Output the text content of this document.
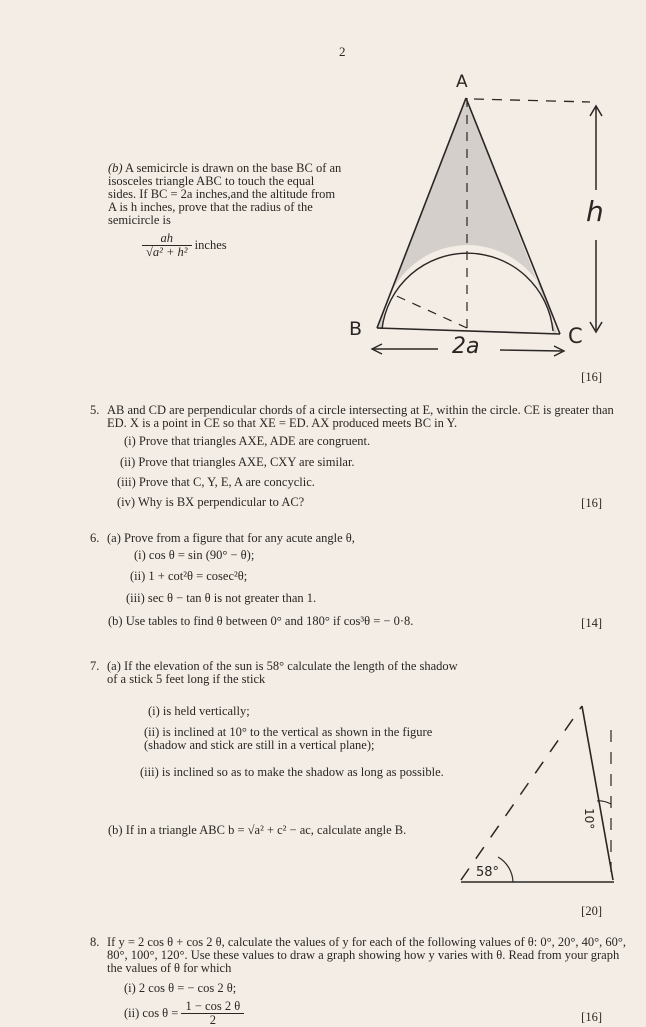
2
(b) A semicircle is drawn on the base BC of an isosceles triangle ABC to touch the equal sides. If BC = 2a inches,and the altitude from A is h inches, prove that the radius of the semicircle is
$\frac{ah}{\text{√a² + h²}}$ inches
A
B	C
h
2a
[16]
5. AB and CD are perpendicular chords of a circle intersecting at E, within the circle. CE is greater than ED. X is a point in CE so that XE = ED. AX produced meets BC in Y.
(i) Prove that triangles AXE, ADE are congruent.
(ii) Prove that triangles AXE, CXY are similar.
(iii) Prove that C, Y, E, A are concyclic.
(iv) Why is BX perpendicular to AC?	[16]
6. (a) Prove from a figure that for any acute angle θ,
(i) cos θ = sin (90° − θ);
(ii) 1 + cot²θ = cosec²θ;
(iii) sec θ − tan θ is not greater than 1.
(b) Use tables to find θ between 0° and 180° if cos³θ = − 0·8.	[14]
7. (a) If the elevation of the sun is 58° calculate the length of the shadow of a stick 5 feet long if the stick
(i) is held vertically;
(ii) is inclined at 10° to the vertical as shown in the figure (shadow and stick are still in a vertical plane);
(iii) is inclined so as to make the shadow as long as possible.
(b) If in a triangle ABC b = √a² + c² − ac, calculate angle B.
58°
10°
[20]
8. If y = 2 cos θ + cos 2 θ, calculate the values of y for each of the following values of θ: 0°, 20°, 40°, 60°, 80°, 100°, 120°. Use these values to draw a graph showing how y varies with θ. Read from your graph the values of θ for which
(i) 2 cos θ = − cos 2 θ;
(ii) $\cos \theta = \frac{1 - \cos 2 \theta}{2}$	[16]
